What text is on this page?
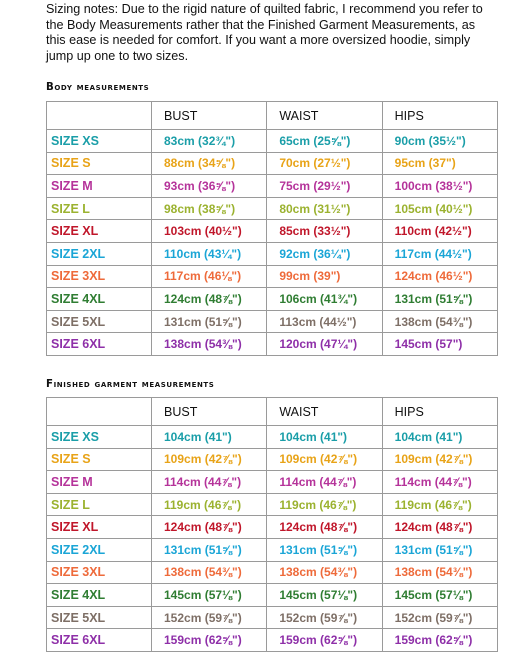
Sizing notes: Due to the rigid nature of quilted fabric, I recommend you refer to the Body Measurements rather that the Finished Garment Measurements, as this ease is needed for comfort. If you want a more oversized hoodie, simply jump up one to two sizes.

Body measurements
	BUST	WAIST	HIPS
SIZE XS	83cm (32¾")	65cm (25⅝")	90cm (35½")
SIZE S	88cm (34⅝")	70cm (27½")	95cm (37")
SIZE M	93cm (36⅝")	75cm (29½")	100cm (38½")
SIZE L	98cm (38⅝")	80cm (31½")	105cm (40½")
SIZE XL	103cm (40½")	85cm (33½")	110cm (42½")
SIZE 2XL	110cm (43¼")	92cm (36¼")	117cm (44½")
SIZE 3XL	117cm (46⅛")	99cm (39")	124cm (46½")
SIZE 4XL	124cm (48⅞")	106cm (41¾")	131cm (51⅝")
SIZE 5XL	131cm (51⅝")	113cm (44½")	138cm (54⅜")
SIZE 6XL	138cm (54⅜")	120cm (47¼")	145cm (57")
Finished garment measurements
	BUST	WAIST	HIPS
SIZE XS	104cm (41")	104cm (41")	104cm (41")
SIZE S	109cm (42⅞")	109cm (42⅞")	109cm (42⅞")
SIZE M	114cm (44⅞")	114cm (44⅞")	114cm (44⅞")
SIZE L	119cm (46⅞")	119cm (46⅞")	119cm (46⅞")
SIZE XL	124cm (48⅞")	124cm (48⅞")	124cm (48⅞")
SIZE 2XL	131cm (51⅝")	131cm (51⅝")	131cm (51⅝")
SIZE 3XL	138cm (54⅜")	138cm (54⅜")	138cm (54⅜")
SIZE 4XL	145cm (57⅛")	145cm (57⅛")	145cm (57⅛")
SIZE 5XL	152cm (59⅞")	152cm (59⅞")	152cm (59⅞")
SIZE 6XL	159cm (62⅝")	159cm (62⅝")	159cm (62⅝")
